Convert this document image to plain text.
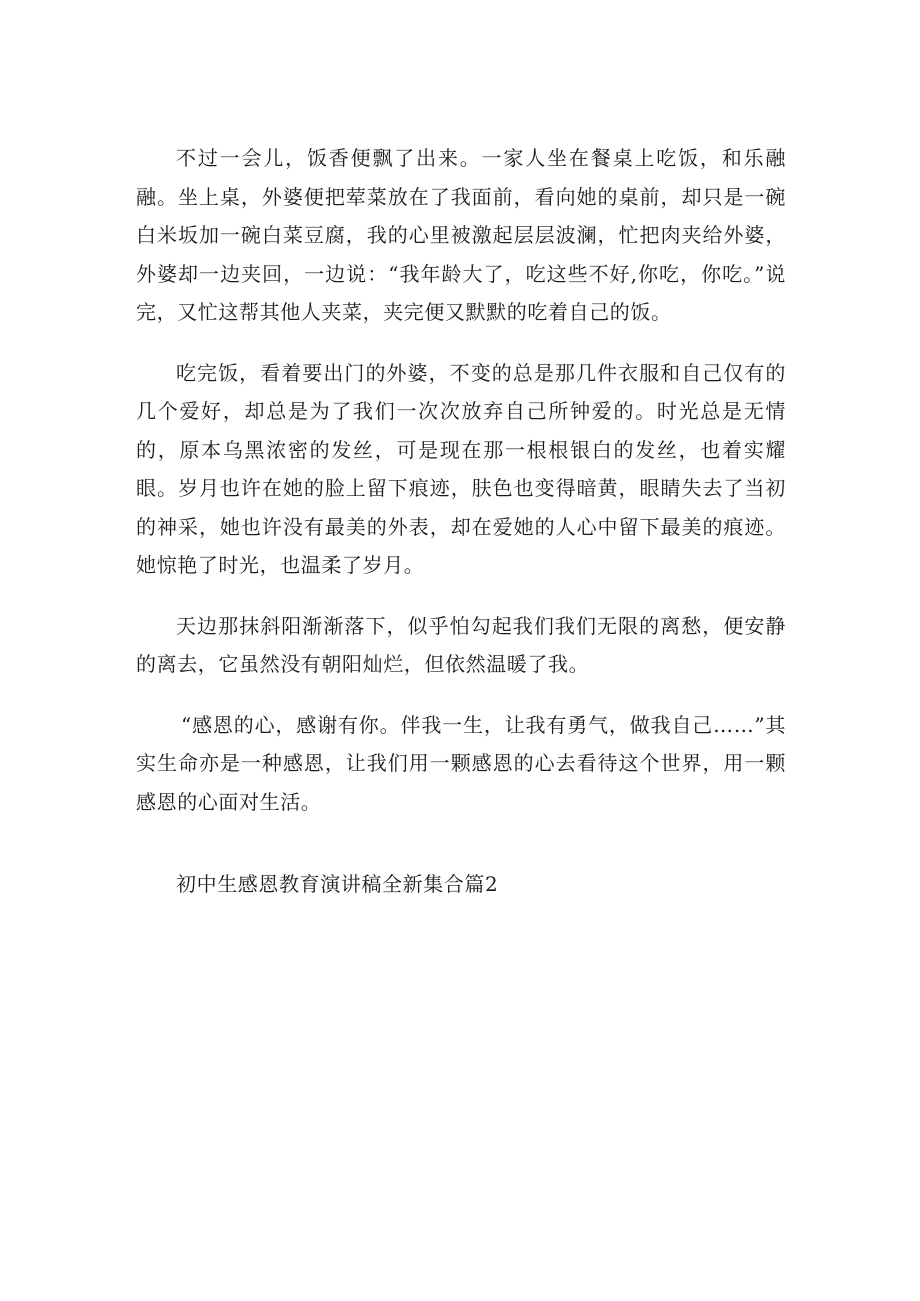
不过一会儿，饭香便飘了出来。一家人坐在餐桌上吃饭，和乐融融。坐上桌，外婆便把荤菜放在了我面前，看向她的桌前，却只是一碗白米坂加一碗白菜豆腐，我的心里被激起层层波澜，忙把肉夹给外婆，外婆却一边夹回，一边说：“我年龄大了，吃这些不好,你吃，你吃。”说完，又忙这帮其他人夹菜，夹完便又默默的吃着自己的饭。

吃完饭，看着要出门的外婆，不变的总是那几件衣服和自己仅有的几个爱好，却总是为了我们一次次放弃自己所钟爱的。时光总是无情的，原本乌黑浓密的发丝，可是现在那一根根银白的发丝，也着实耀眼。岁月也许在她的脸上留下痕迹，肤色也变得暗黄，眼睛失去了当初的神采，她也许没有最美的外表，却在爱她的人心中留下最美的痕迹。她惊艳了时光，也温柔了岁月。

天边那抹斜阳渐渐落下，似乎怕勾起我们我们无限的离愁，便安静的离去，它虽然没有朝阳灿烂，但依然温暖了我。

“感恩的心，感谢有你。伴我一生，让我有勇气，做我自己……”其实生命亦是一种感恩，让我们用一颗感恩的心去看待这个世界，用一颗感恩的心面对生活。

初中生感恩教育演讲稿全新集合篇2
